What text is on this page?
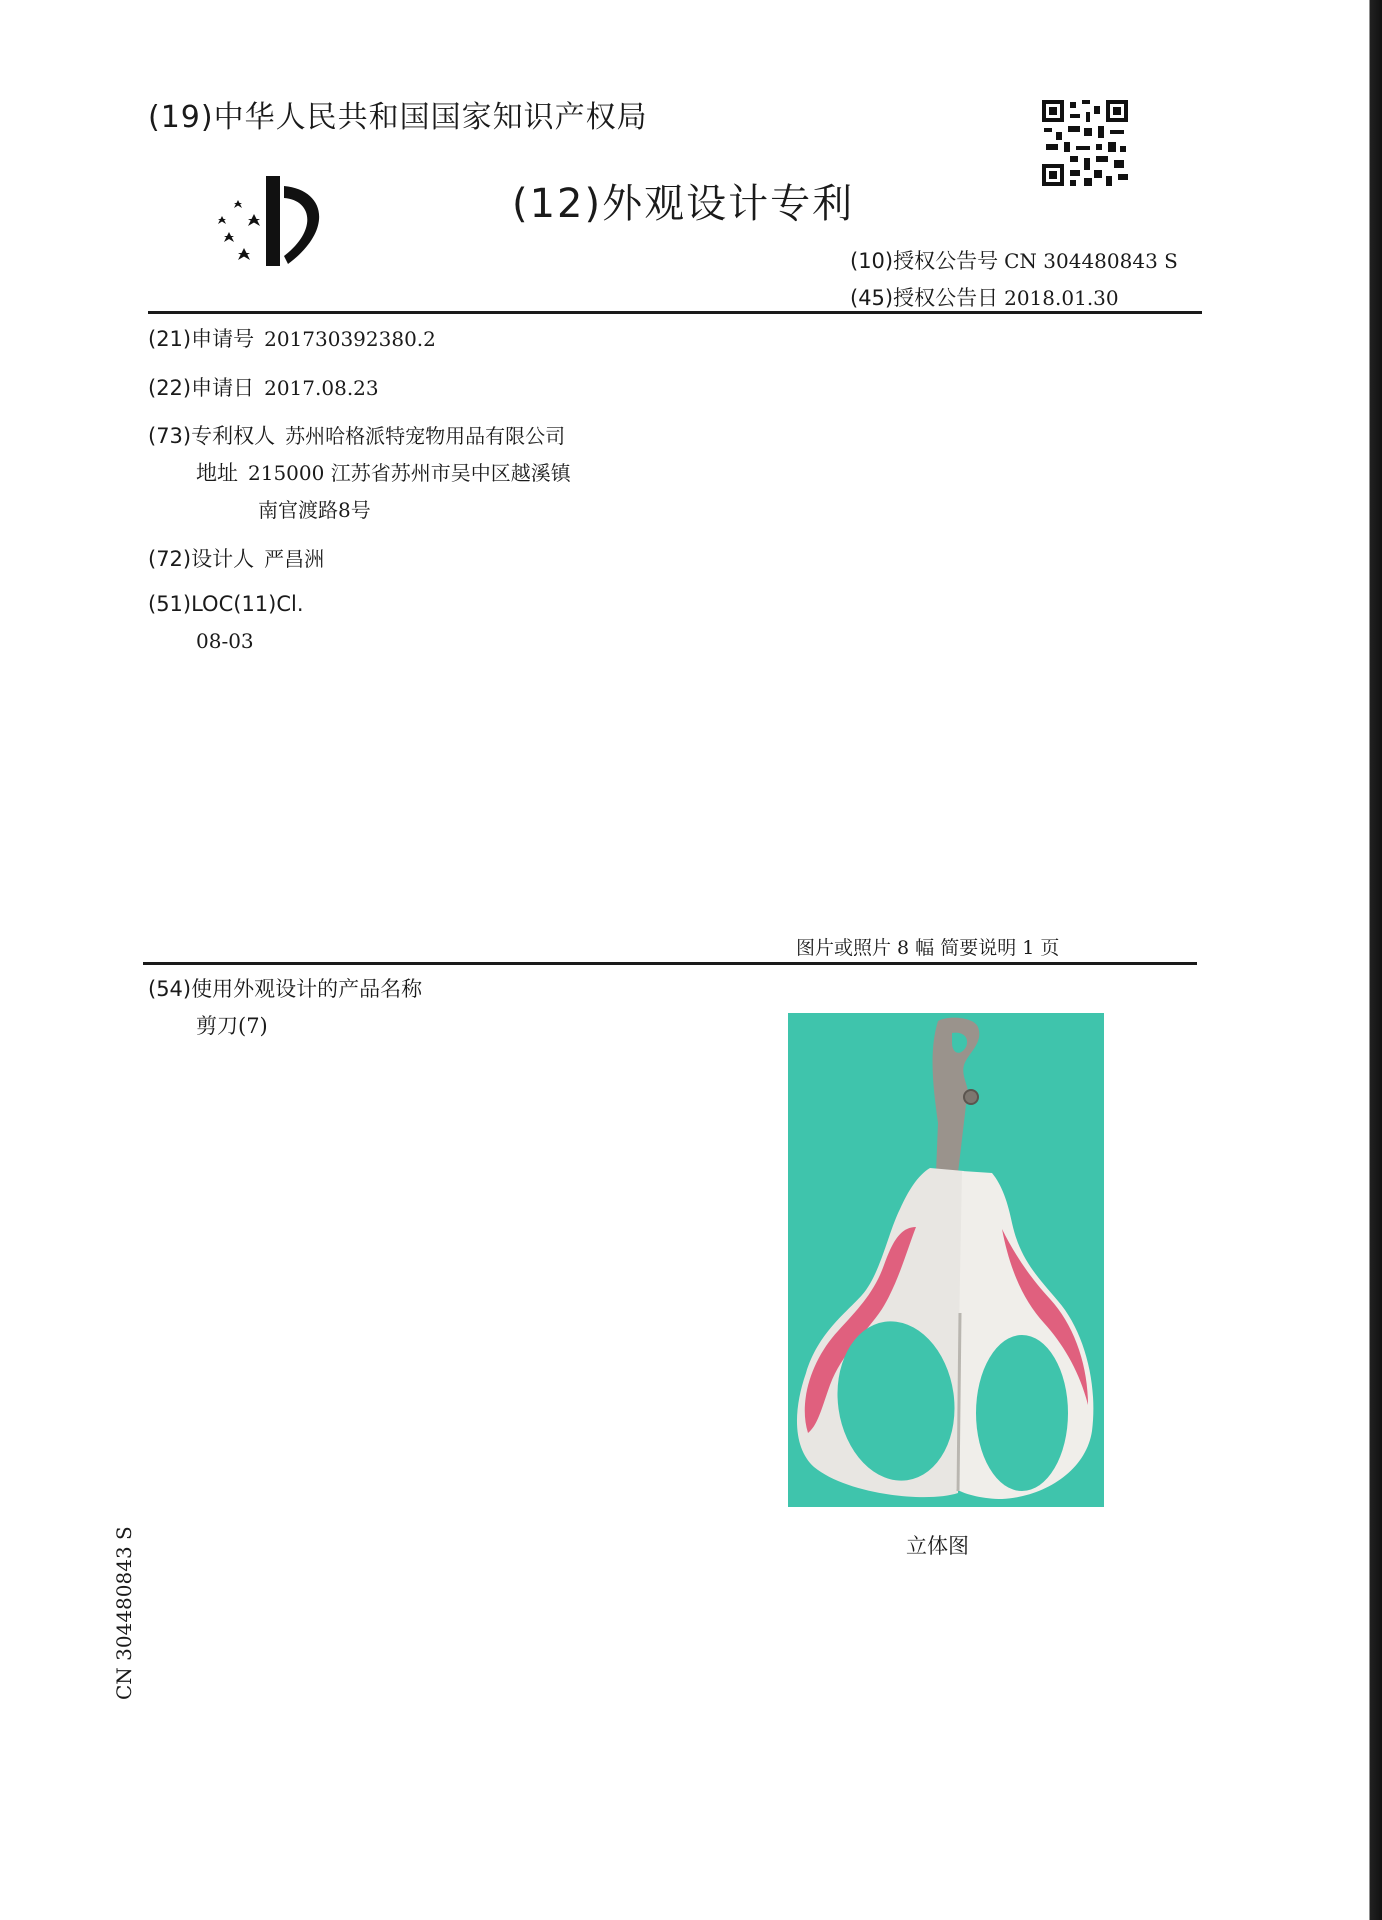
(19)中华人民共和国国家知识产权局
(12)外观设计专利
(10)授权公告号 CN 304480843 S
(45)授权公告日 2018.01.30
(21)申请号 201730392380.2
(22)申请日 2017.08.23
(73)专利权人 苏州哈格派特宠物用品有限公司
地址 215000 江苏省苏州市吴中区越溪镇
南官渡路8号
(72)设计人 严昌洲
(51)LOC(11)Cl.
08-03
图片或照片 8 幅 简要说明 1 页
(54)使用外观设计的产品名称
剪刀(7)
立体图
CN 304480843 S
